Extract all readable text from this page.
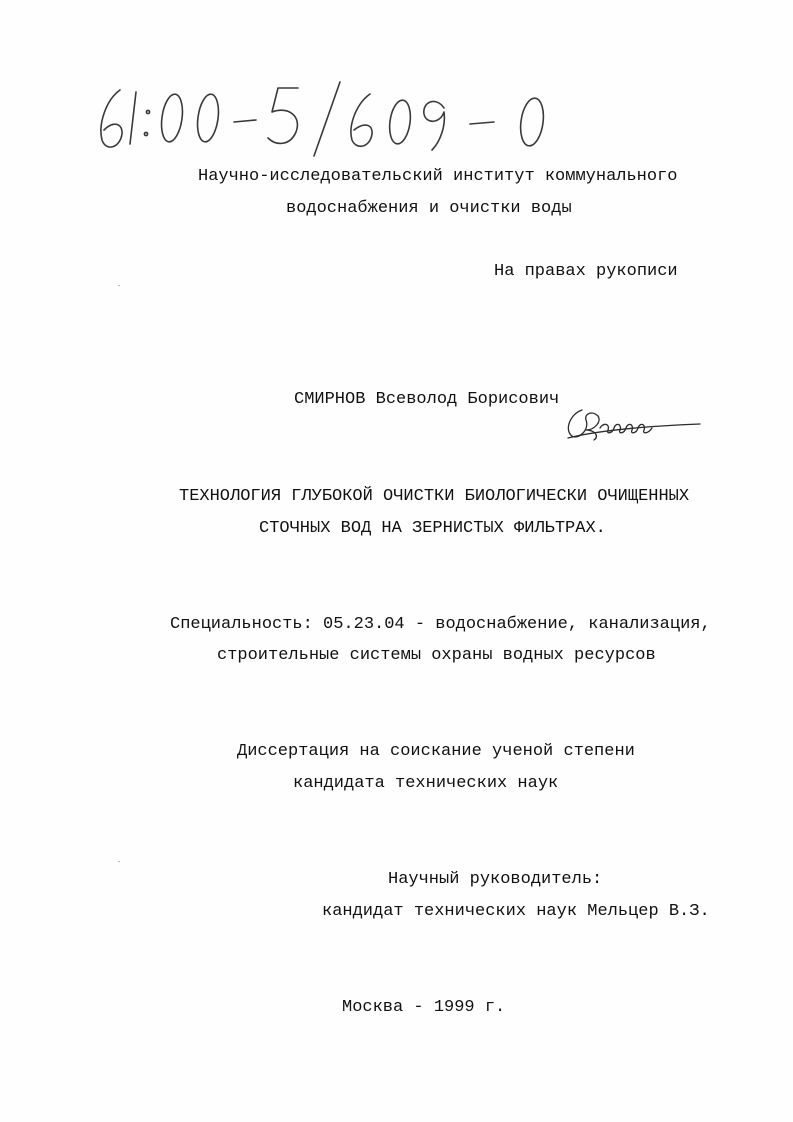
Научно-исследовательский институт коммунального
водоснабжения и очистки воды
На правах рукописи
СМИРНОВ Всеволод Борисович
ТЕХНОЛОГИЯ ГЛУБОКОЙ ОЧИСТКИ БИОЛОГИЧЕСКИ ОЧИЩЕННЫХ
СТОЧНЫХ ВОД НА ЗЕРНИСТЫХ ФИЛЬТРАХ.
Специальность: 05.23.04 - водоснабжение, канализация,
строительные системы охраны водных ресурсов
Диссертация на соискание ученой степени
кандидата технических наук
Научный руководитель:
кандидат технических наук Мельцер В.З.
Москва - 1999 г.
